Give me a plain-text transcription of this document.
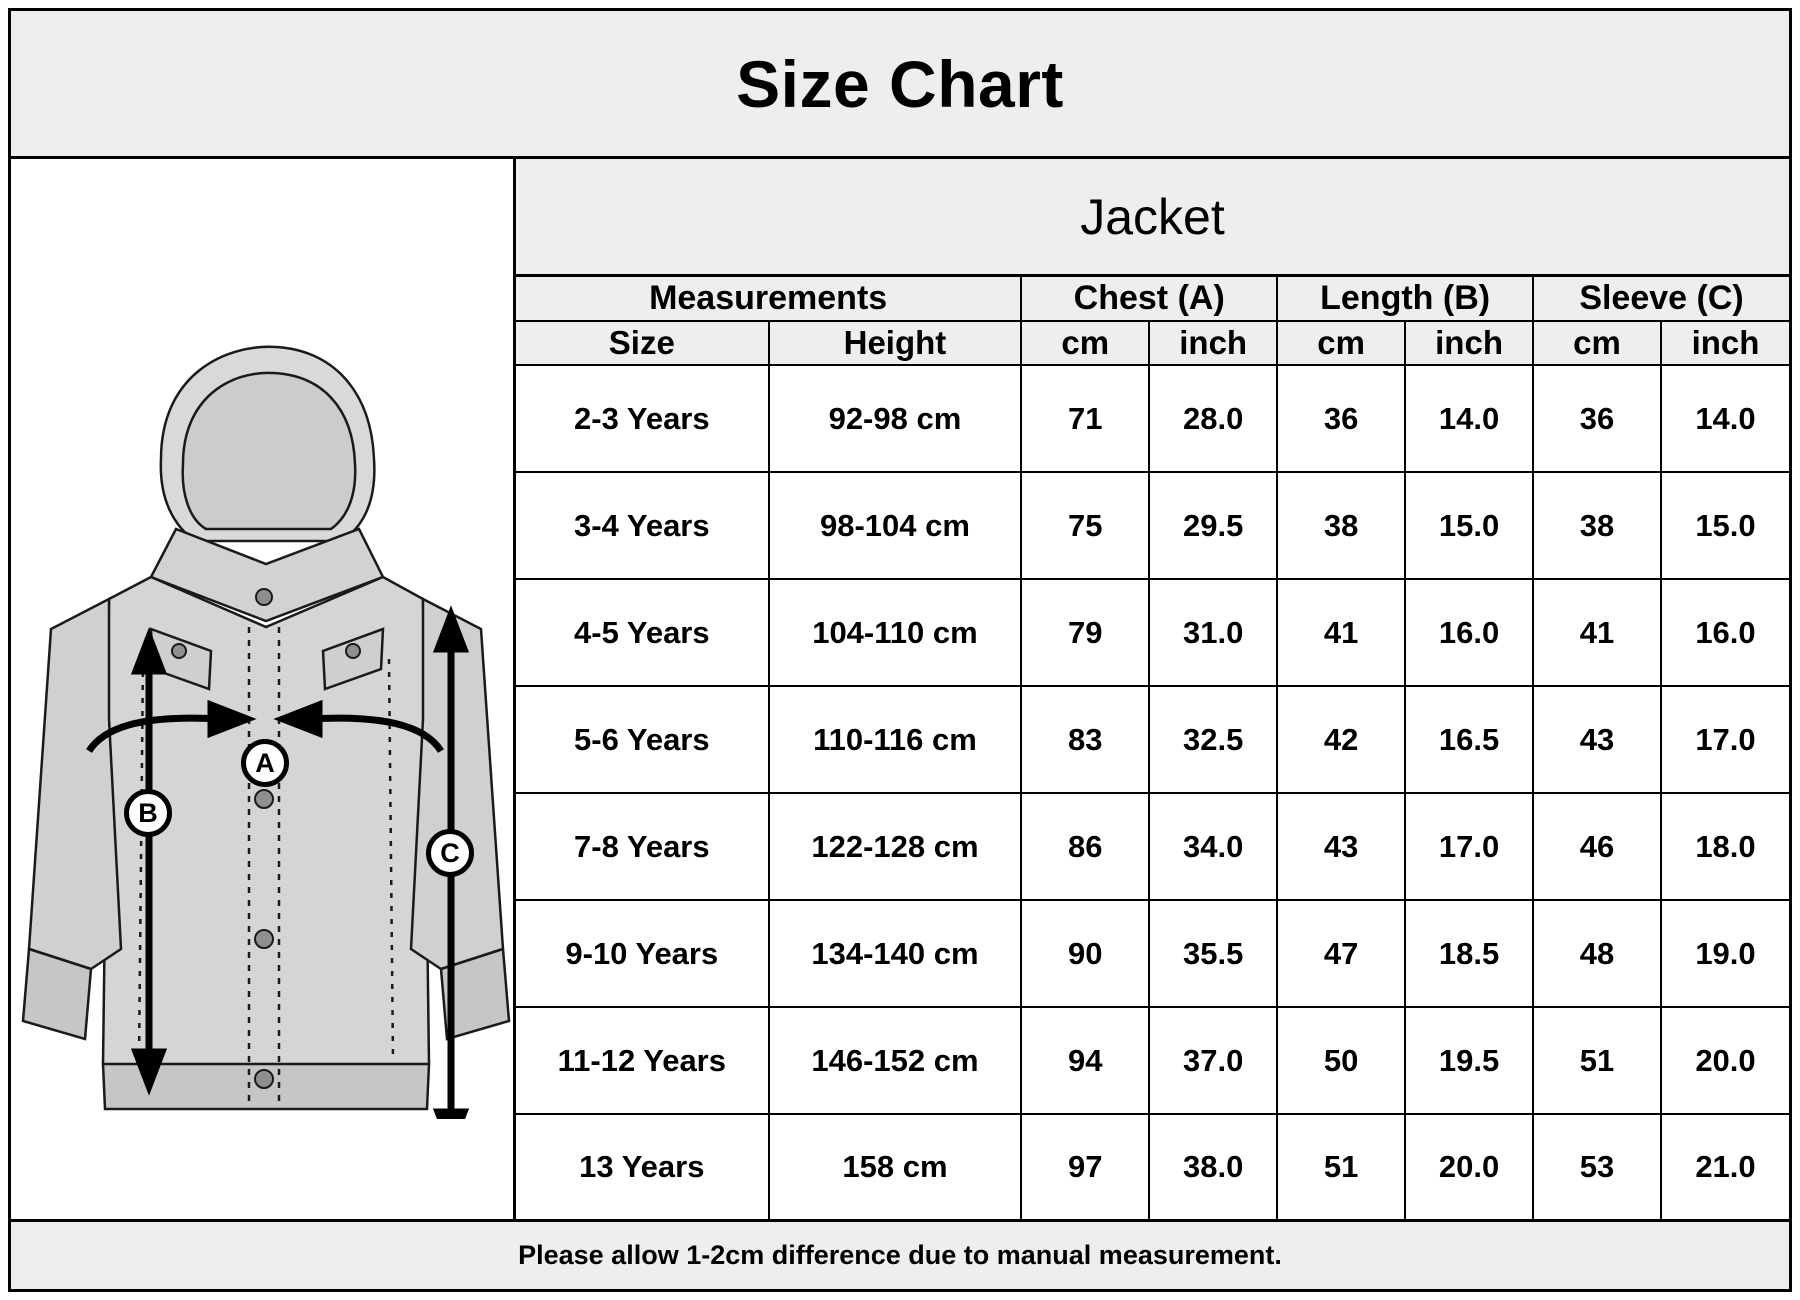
Size Chart
A
B
C
Jacket
Measurements		Chest (A)		Length (B)		Sleeve (C)	
Size	Height	cm	inch	cm	inch	cm	inch
2-3 Years	92-98 cm	71	28.0	36	14.0	36	14.0
3-4 Years	98-104 cm	75	29.5	38	15.0	38	15.0
4-5 Years	104-110 cm	79	31.0	41	16.0	41	16.0
5-6 Years	110-116 cm	83	32.5	42	16.5	43	17.0
7-8 Years	122-128 cm	86	34.0	43	17.0	46	18.0
9-10 Years	134-140 cm	90	35.5	47	18.5	48	19.0
11-12 Years	146-152 cm	94	37.0	50	19.5	51	20.0
13 Years	158 cm	97	38.0	51	20.0	53	21.0
Please allow 1-2cm difference due to manual measurement.
